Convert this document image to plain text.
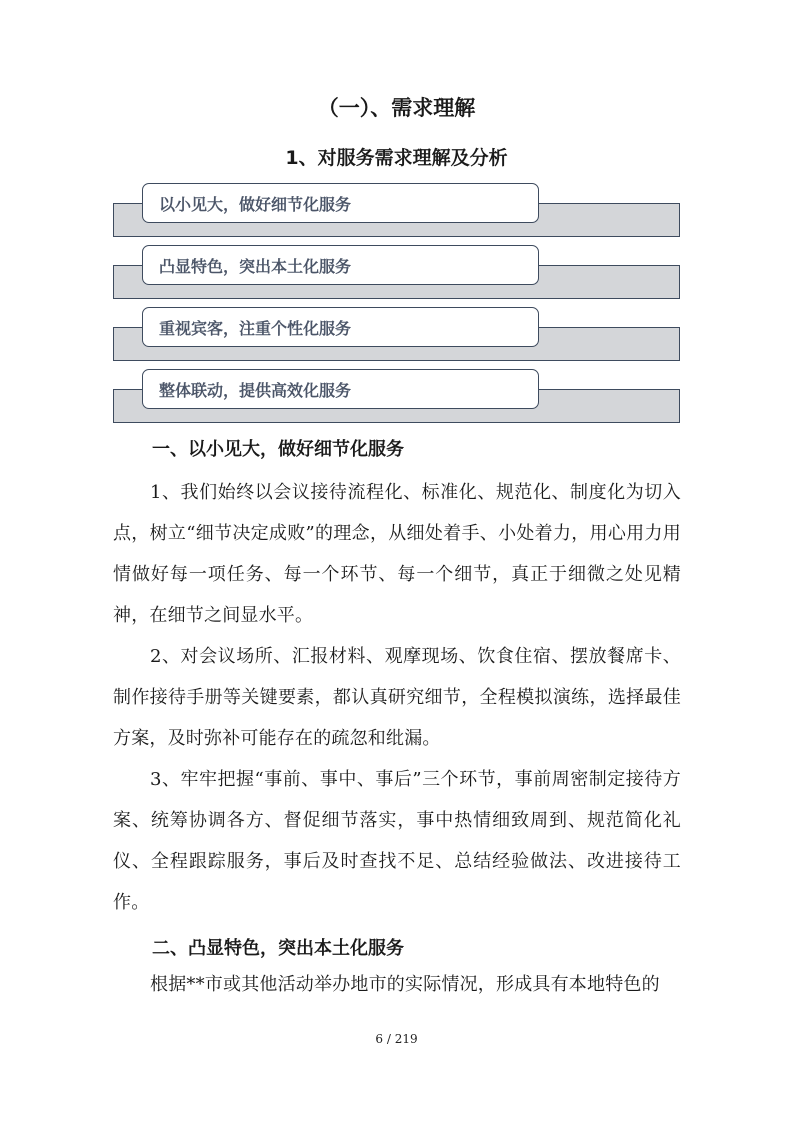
（一）、需求理解
1、对服务需求理解及分析
以小见大，做好细节化服务
凸显特色，突出本土化服务
重视宾客，注重个性化服务
整体联动，提供高效化服务
一、以小见大，做好细节化服务

1、我们始终以会议接待流程化、标准化、规范化、制度化为切入点，树立“细节决定成败”的理念，从细处着手、小处着力，用心用力用情做好每一项任务、每一个环节、每一个细节，真正于细微之处见精神，在细节之间显水平。

2、对会议场所、汇报材料、观摩现场、饮食住宿、摆放餐席卡、制作接待手册等关键要素，都认真研究细节，全程模拟演练，选择最佳方案，及时弥补可能存在的疏忽和纰漏。

3、牢牢把握“事前、事中、事后”三个环节，事前周密制定接待方案、统筹协调各方、督促细节落实，事中热情细致周到、规范简化礼仪、全程跟踪服务，事后及时查找不足、总结经验做法、改进接待工作。

二、凸显特色，突出本土化服务

根据**市或其他活动举办地市的实际情况，形成具有本地特色的

6 / 219
